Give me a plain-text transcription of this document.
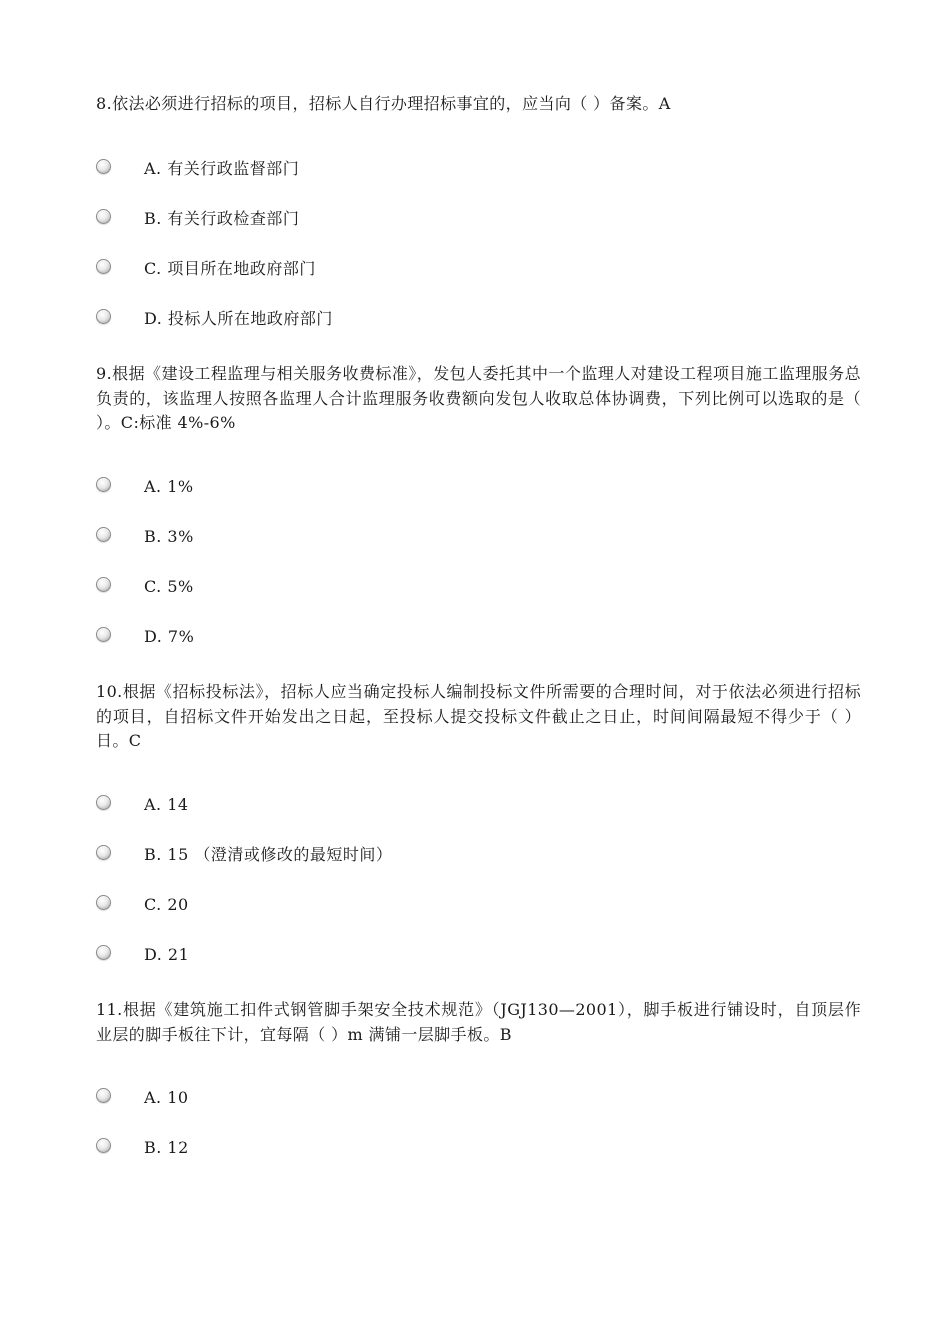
8.依法必须进行招标的项目，招标人自行办理招标事宜的，应当向（ ）备案。A
A. 有关行政监督部门
B. 有关行政检查部门
C. 项目所在地政府部门
D. 投标人所在地政府部门
9.根据《建设工程监理与相关服务收费标准》，发包人委托其中一个监理人对建设工程项目施工监理服务总负责的，该监理人按照各监理人合计监理服务收费额向发包人收取总体协调费，下列比例可以选取的是（ ）。C:标准 4%-6%
A. 1%
B. 3%
C. 5%
D. 7%
10.根据《招标投标法》，招标人应当确定投标人编制投标文件所需要的合理时间，对于依法必须进行招标的项目，自招标文件开始发出之日起，至投标人提交投标文件截止之日止，时间间隔最短不得少于（ ）日。C
A. 14
B. 15 （澄清或修改的最短时间）
C. 20
D. 21
11.根据《建筑施工扣件式钢管脚手架安全技术规范》（JGJ130—2001），脚手板进行铺设时，自顶层作业层的脚手板往下计，宜每隔（ ）m 满铺一层脚手板。B
A. 10
B. 12
